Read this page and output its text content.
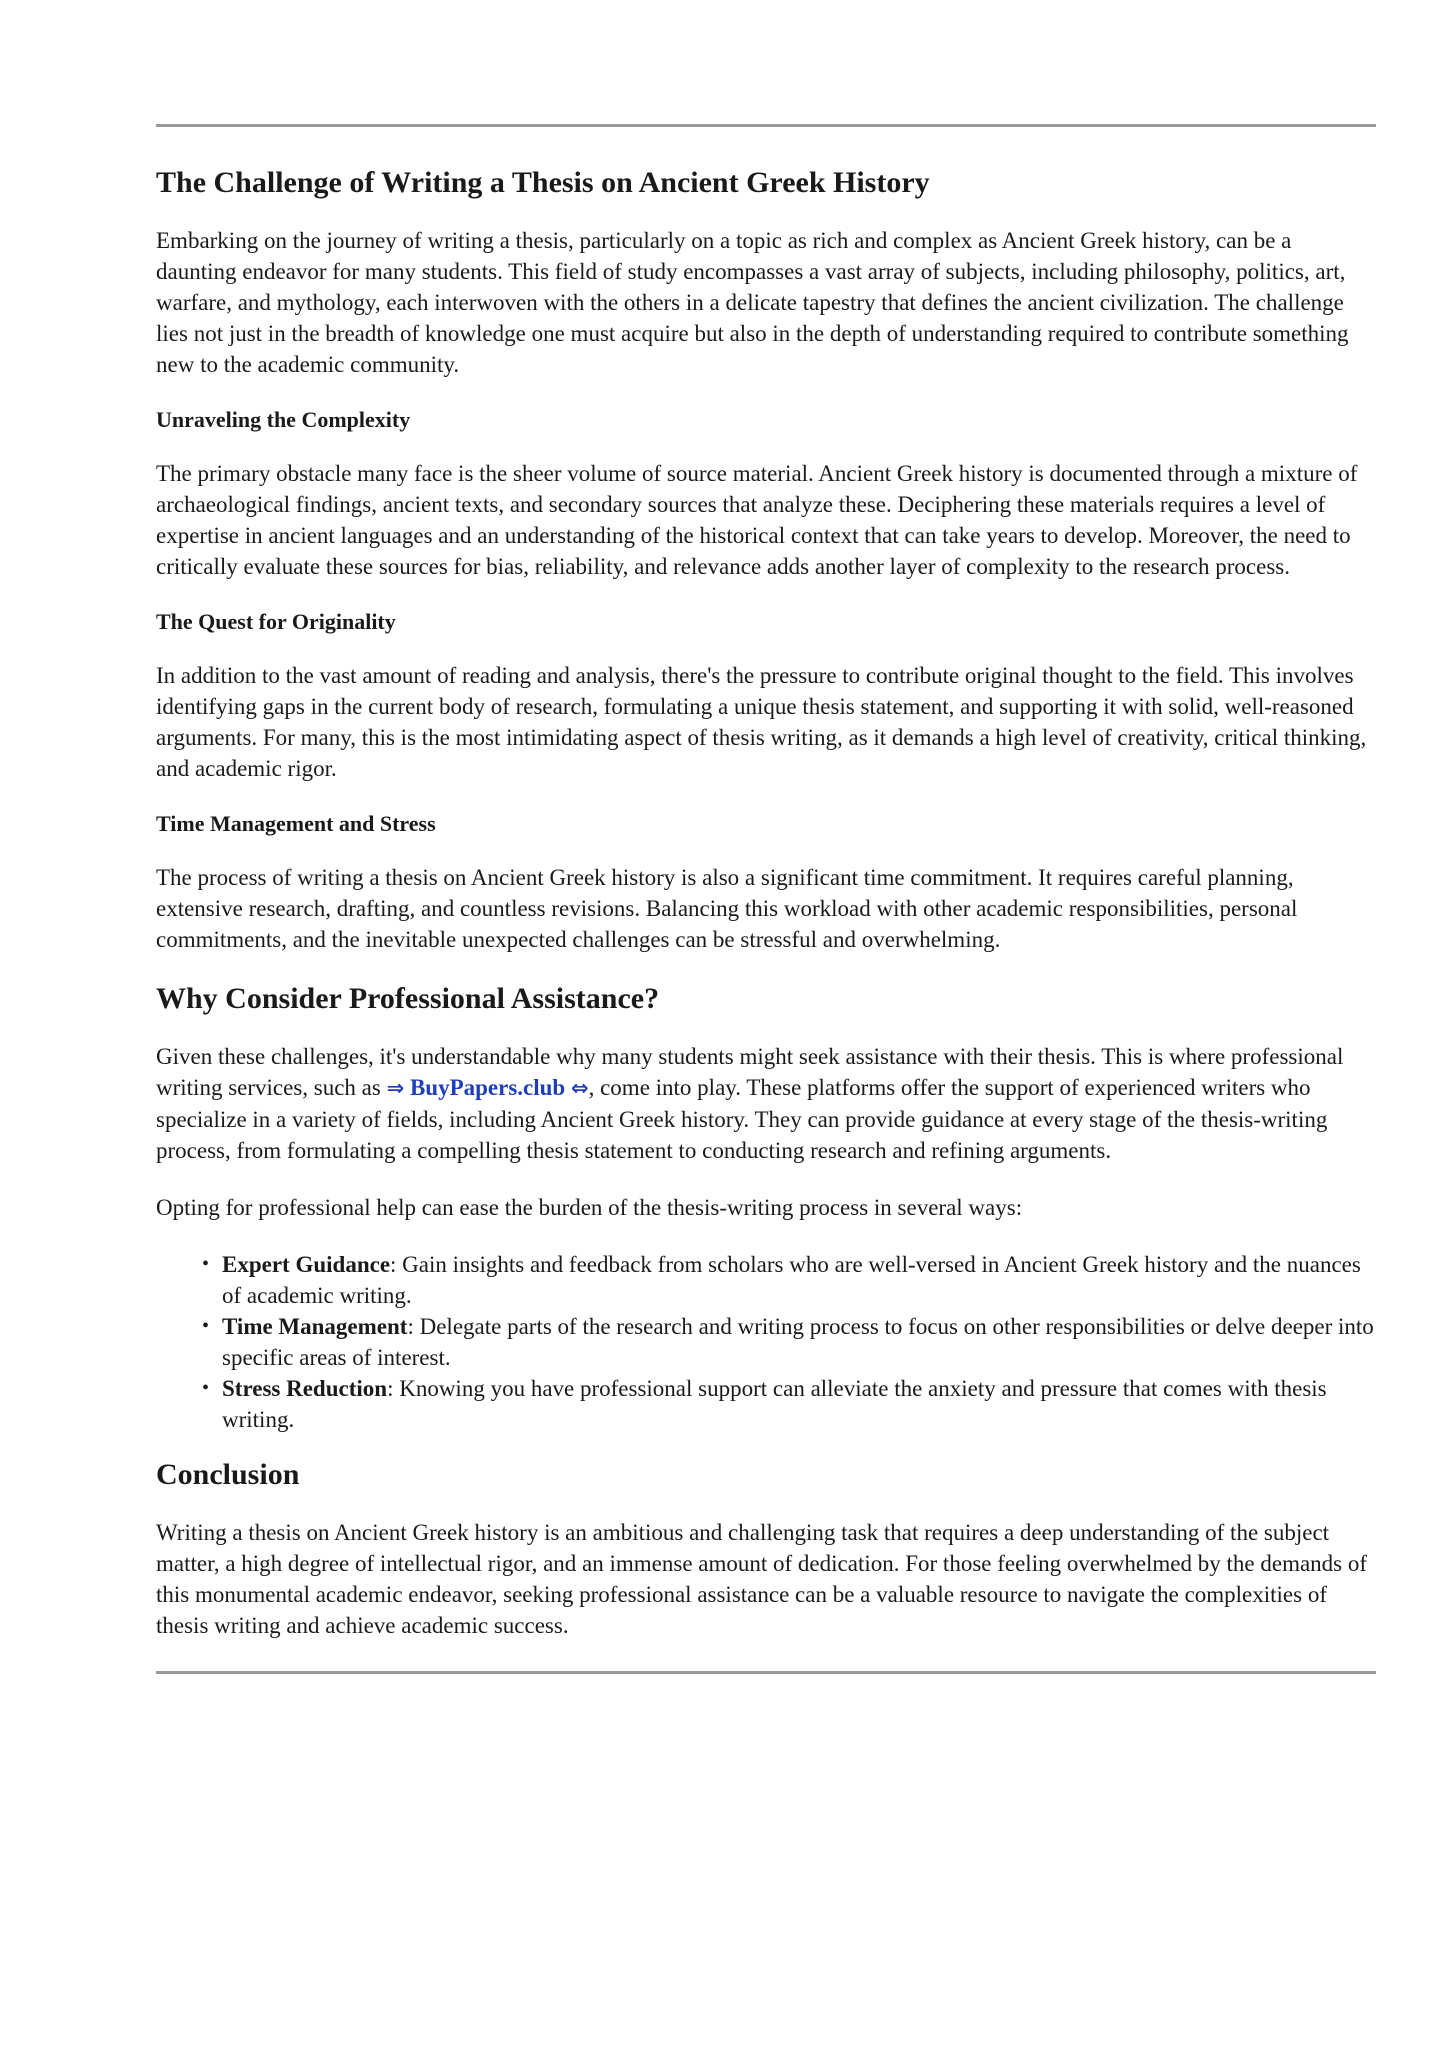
The Challenge of Writing a Thesis on Ancient Greek History

Embarking on the journey of writing a thesis, particularly on a topic as rich and complex as Ancient Greek history, can be a daunting endeavor for many students. This field of study encompasses a vast array of subjects, including philosophy, politics, art, warfare, and mythology, each interwoven with the others in a delicate tapestry that defines the ancient civilization. The challenge lies not just in the breadth of knowledge one must acquire but also in the depth of understanding required to contribute something new to the academic community.

Unraveling the Complexity

The primary obstacle many face is the sheer volume of source material. Ancient Greek history is documented through a mixture of archaeological findings, ancient texts, and secondary sources that analyze these. Deciphering these materials requires a level of expertise in ancient languages and an understanding of the historical context that can take years to develop. Moreover, the need to critically evaluate these sources for bias, reliability, and relevance adds another layer of complexity to the research process.

The Quest for Originality

In addition to the vast amount of reading and analysis, there's the pressure to contribute original thought to the field. This involves identifying gaps in the current body of research, formulating a unique thesis statement, and supporting it with solid, well-reasoned arguments. For many, this is the most intimidating aspect of thesis writing, as it demands a high level of creativity, critical thinking, and academic rigor.

Time Management and Stress

The process of writing a thesis on Ancient Greek history is also a significant time commitment. It requires careful planning, extensive research, drafting, and countless revisions. Balancing this workload with other academic responsibilities, personal commitments, and the inevitable unexpected challenges can be stressful and overwhelming.

Why Consider Professional Assistance?

Given these challenges, it's understandable why many students might seek assistance with their thesis. This is where professional writing services, such as ⇒ BuyPapers.club ⇔, come into play. These platforms offer the support of experienced writers who specialize in a variety of fields, including Ancient Greek history. They can provide guidance at every stage of the thesis-writing process, from formulating a compelling thesis statement to conducting research and refining arguments.

Opting for professional help can ease the burden of the thesis-writing process in several ways:

• Expert Guidance: Gain insights and feedback from scholars who are well-versed in Ancient Greek history and the nuances of academic writing.
• Time Management: Delegate parts of the research and writing process to focus on other responsibilities or delve deeper into specific areas of interest.
• Stress Reduction: Knowing you have professional support can alleviate the anxiety and pressure that comes with thesis writing.
Conclusion

Writing a thesis on Ancient Greek history is an ambitious and challenging task that requires a deep understanding of the subject matter, a high degree of intellectual rigor, and an immense amount of dedication. For those feeling overwhelmed by the demands of this monumental academic endeavor, seeking professional assistance can be a valuable resource to navigate the complexities of thesis writing and achieve academic success.
